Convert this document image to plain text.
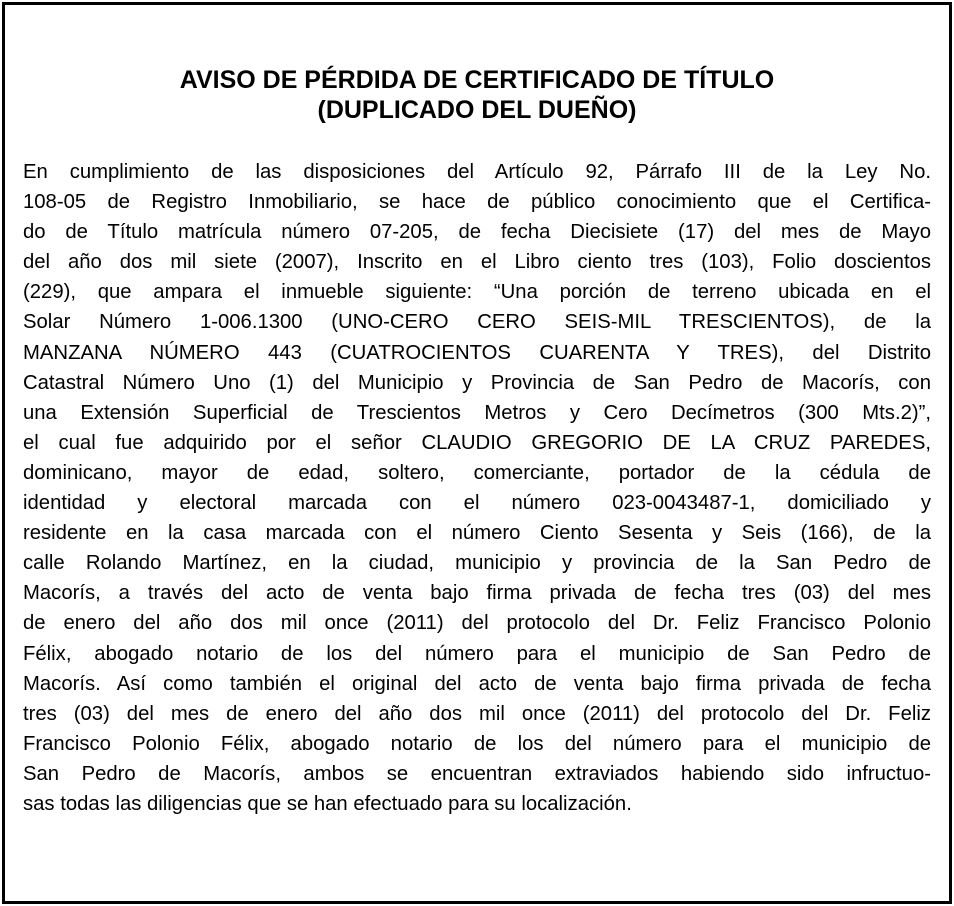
AVISO DE PÉRDIDA DE CERTIFICADO DE TÍTULO
(DUPLICADO DEL DUEÑO)
En cumplimiento de las disposiciones del Artículo 92, Párrafo III de la Ley No.
108-05 de Registro Inmobiliario, se hace de público conocimiento que el Certifica-
do de Título matrícula número 07-205, de fecha Diecisiete (17) del mes de Mayo
del año dos mil siete (2007), Inscrito en el Libro ciento tres (103), Folio doscientos
(229), que ampara el inmueble siguiente: “Una porción de terreno ubicada en el
Solar Número 1-006.1300 (UNO-CERO CERO SEIS-MIL TRESCIENTOS), de la
MANZANA NÚMERO 443 (CUATROCIENTOS CUARENTA Y TRES), del Distrito
Catastral Número Uno (1) del Municipio y Provincia de San Pedro de Macorís, con
una Extensión Superficial de Trescientos Metros y Cero Decímetros (300 Mts.2)”,
el cual fue adquirido por el señor CLAUDIO GREGORIO DE LA CRUZ PAREDES,
dominicano, mayor de edad, soltero, comerciante, portador de la cédula de
identidad y electoral marcada con el número 023-0043487-1, domiciliado y
residente en la casa marcada con el número Ciento Sesenta y Seis (166), de la
calle Rolando Martínez, en la ciudad, municipio y provincia de la San Pedro de
Macorís, a través del acto de venta bajo firma privada de fecha tres (03) del mes
de enero del año dos mil once (2011) del protocolo del Dr. Feliz Francisco Polonio
Félix, abogado notario de los del número para el municipio de San Pedro de
Macorís. Así como también el original del acto de venta bajo firma privada de fecha
tres (03) del mes de enero del año dos mil once (2011) del protocolo del Dr. Feliz
Francisco Polonio Félix, abogado notario de los del número para el municipio de
San Pedro de Macorís, ambos se encuentran extraviados habiendo sido infructuo-
sas todas las diligencias que se han efectuado para su localización.
